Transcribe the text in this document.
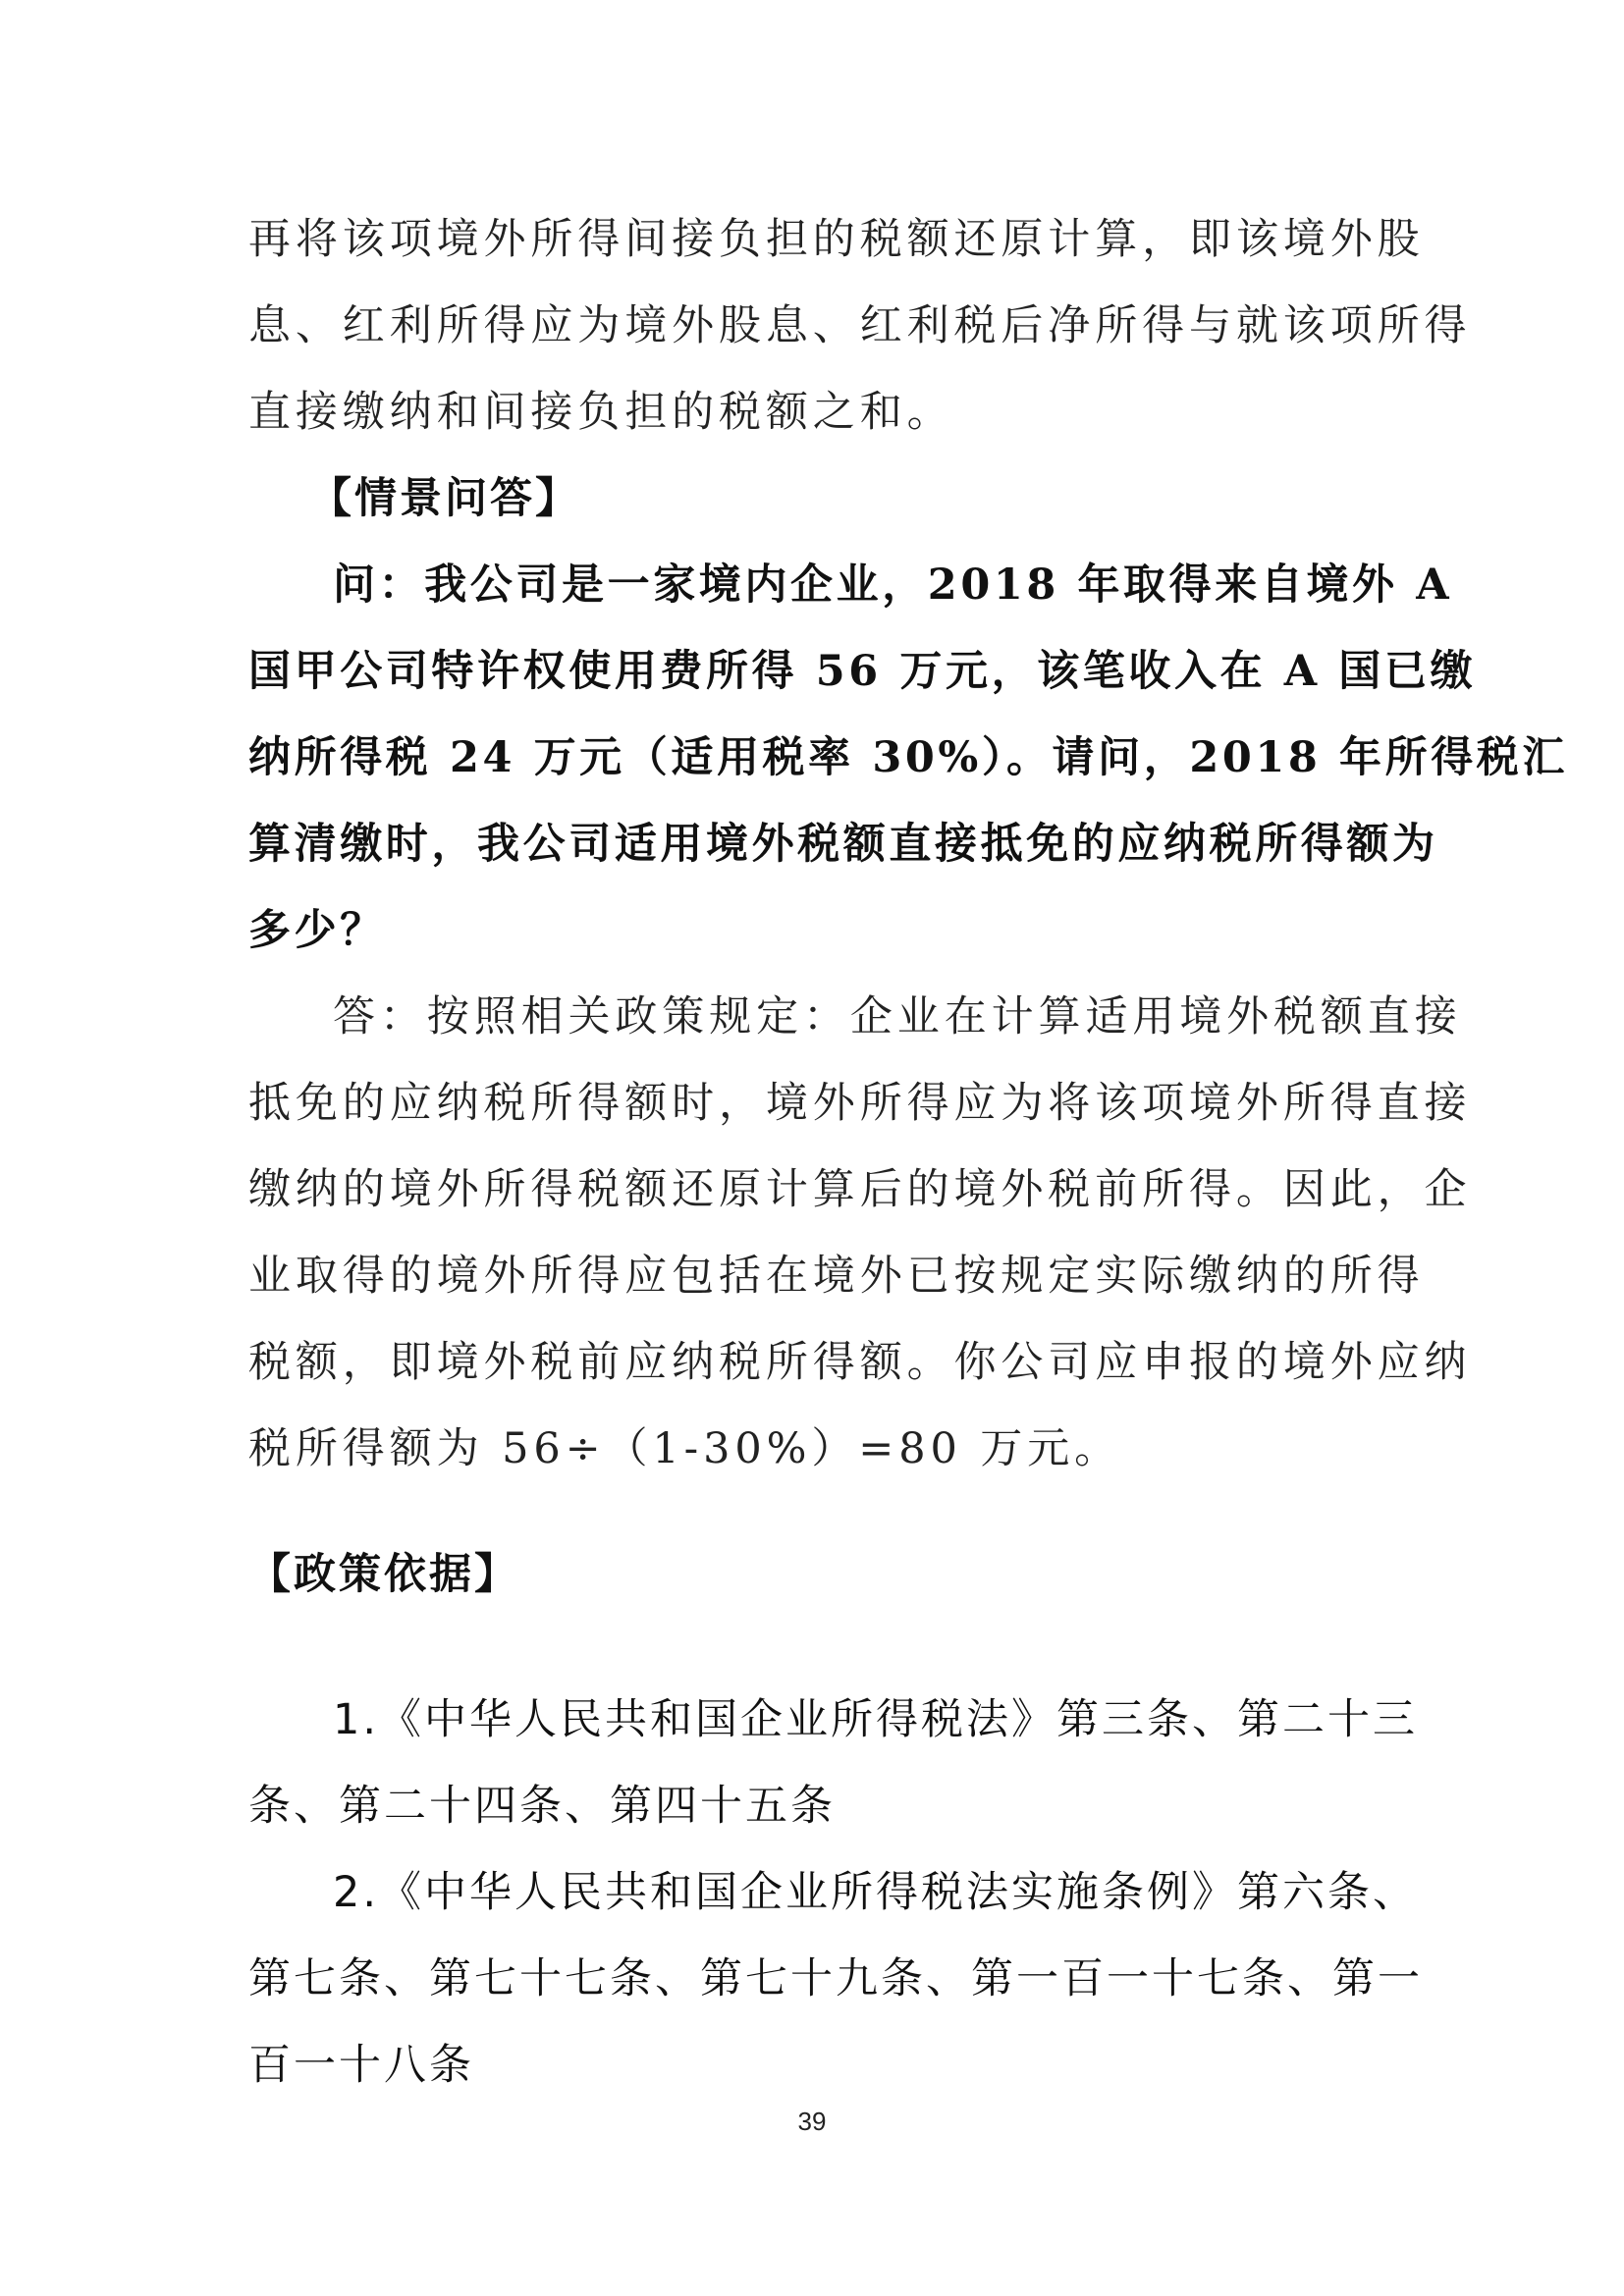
再将该项境外所得间接负担的税额还原计算，即该境外股
息、红利所得应为境外股息、红利税后净所得与就该项所得
直接缴纳和间接负担的税额之和。
【情景问答】
问：我公司是一家境内企业，2018 年取得来自境外 A
国甲公司特许权使用费所得 56 万元，该笔收入在 A 国已缴
纳所得税 24 万元（适用税率 30%）。请问，2018 年所得税汇
算清缴时，我公司适用境外税额直接抵免的应纳税所得额为
多少？
答：按照相关政策规定：企业在计算适用境外税额直接
抵免的应纳税所得额时，境外所得应为将该项境外所得直接
缴纳的境外所得税额还原计算后的境外税前所得。因此，企
业取得的境外所得应包括在境外已按规定实际缴纳的所得
税额，即境外税前应纳税所得额。你公司应申报的境外应纳
税所得额为 56÷（1-30%）=80 万元。
【政策依据】
1.《中华人民共和国企业所得税法》第三条、第二十三
条、第二十四条、第四十五条
2.《中华人民共和国企业所得税法实施条例》第六条、
第七条、第七十七条、第七十九条、第一百一十七条、第一
百一十八条
39
